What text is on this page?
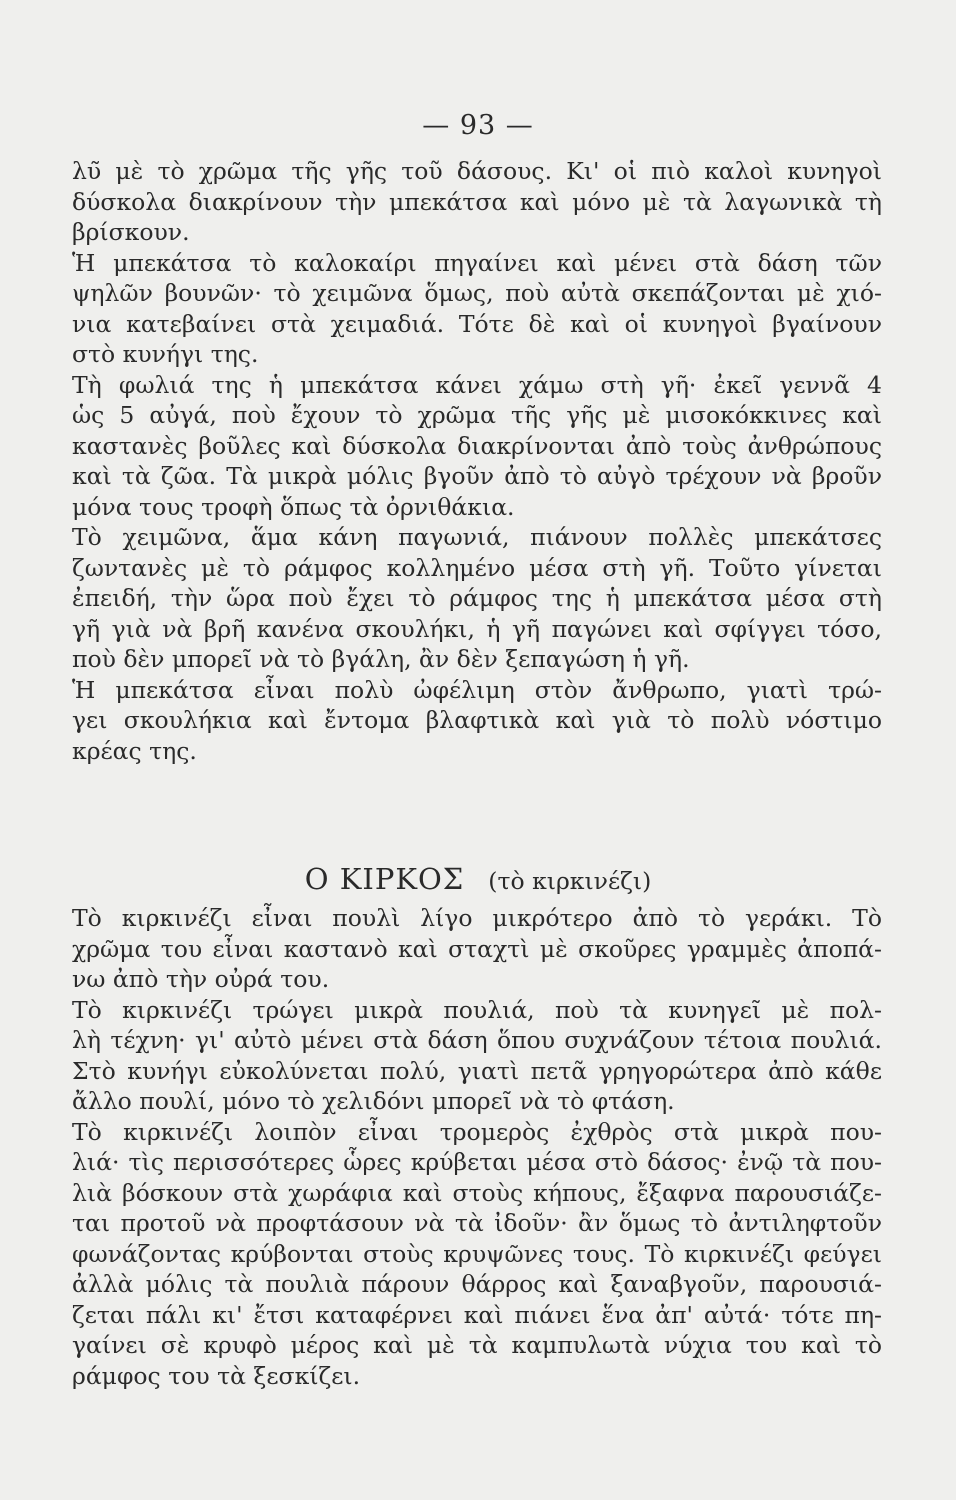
— 93 —
λυ̃ μὲ τὸ χρῶμα τῆς γῆς τοῦ δάσους. Κι' οἱ πιὸ καλοὶ κυνηγοὶ
δύσκολα διακρίνουν τὴν μπεκάτσα καὶ μόνο μὲ τὰ λαγωνικὰ τὴ
βρίσκουν.
Ἡ μπεκάτσα τὸ καλοκαίρι πηγαίνει καὶ μένει στὰ δάση τῶν
ψηλῶν βουνῶν· τὸ χειμῶνα ὅμως, ποὺ αὐτὰ σκεπάζονται μὲ χιό-
νια κατεβαίνει στὰ χειμαδιά. Τότε δὲ καὶ οἱ κυνηγοὶ βγαίνουν
στὸ κυνήγι της.
Τὴ φωλιά της ἡ μπεκάτσα κάνει χάμω στὴ γῆ· ἐκεῖ γεννᾶ 4
ὡς 5 αὐγά, ποὺ ἔχουν τὸ χρῶμα τῆς γῆς μὲ μισοκόκκινες καὶ
καστανὲς βοῦλες καὶ δύσκολα διακρίνονται ἀπὸ τοὺς ἀνθρώπους
καὶ τὰ ζῶα. Τὰ μικρὰ μόλις βγοῦν ἀπὸ τὸ αὐγὸ τρέχουν νὰ βροῦν
μόνα τους τροφὴ ὅπως τὰ ὀρνιθάκια.
Τὸ χειμῶνα, ἅμα κάνη παγωνιά, πιάνουν πολλὲς μπεκάτσες
ζωντανὲς μὲ τὸ ράμφος κολλημένο μέσα στὴ γῆ. Τοῦτο γίνεται
ἐπειδή, τὴν ὥρα ποὺ ἔχει τὸ ράμφος της ἡ μπεκάτσα μέσα στὴ
γῆ γιὰ νὰ βρῆ κανένα σκουλήκι, ἡ γῆ παγώνει καὶ σφίγγει τόσο,
ποὺ δὲν μπορεῖ νὰ τὸ βγάλη, ἂν δὲν ξεπαγώση ἡ γῆ.
Ἡ μπεκάτσα εἶναι πολὺ ὠφέλιμη στὸν ἄνθρωπο, γιατὶ τρώ-
γει σκουλήκια καὶ ἔντομα βλαφτικὰ καὶ γιὰ τὸ πολὺ νόστιμο
κρέας της.
Ο ΚΙΡΚΟΣ (τὸ κιρκινέζι)
Τὸ κιρκινέζι εἶναι πουλὶ λίγο μικρότερο ἀπὸ τὸ γεράκι. Τὸ
χρῶμα του εἶναι καστανὸ καὶ σταχτὶ μὲ σκοῦρες γραμμὲς ἀποπά-
νω ἀπὸ τὴν οὐρά του.
Τὸ κιρκινέζι τρώγει μικρὰ πουλιά, ποὺ τὰ κυνηγεῖ μὲ πολ-
λὴ τέχνη· γι' αὐτὸ μένει στὰ δάση ὅπου συχνάζουν τέτοια πουλιά.
Στὸ κυνήγι εὐκολύνεται πολύ, γιατὶ πετᾶ γρηγορώτερα ἀπὸ κάθε
ἄλλο πουλί, μόνο τὸ χελιδόνι μπορεῖ νὰ τὸ φτάση.
Τὸ κιρκινέζι λοιπὸν εἶναι τρομερὸς ἐχθρὸς στὰ μικρὰ που-
λιά· τὶς περισσότερες ὧρες κρύβεται μέσα στὸ δάσος· ἐνῷ τὰ που-
λιὰ βόσκουν στὰ χωράφια καὶ στοὺς κήπους, ἔξαφνα παρουσιάζε-
ται προτοῦ νὰ προφτάσουν νὰ τὰ ἰδοῦν· ἂν ὅμως τὸ ἀντιληφτοῦν
φωνάζοντας κρύβονται στοὺς κρυψῶνες τους. Τὸ κιρκινέζι φεύγει
ἀλλὰ μόλις τὰ πουλιὰ πάρουν θάρρος καὶ ξαναβγοῦν, παρουσιά-
ζεται πάλι κι' ἔτσι καταφέρνει καὶ πιάνει ἕνα ἀπ' αὐτά· τότε πη-
γαίνει σὲ κρυφὸ μέρος καὶ μὲ τὰ καμπυλωτὰ νύχια του καὶ τὸ
ράμφος του τὰ ξεσκίζει.
